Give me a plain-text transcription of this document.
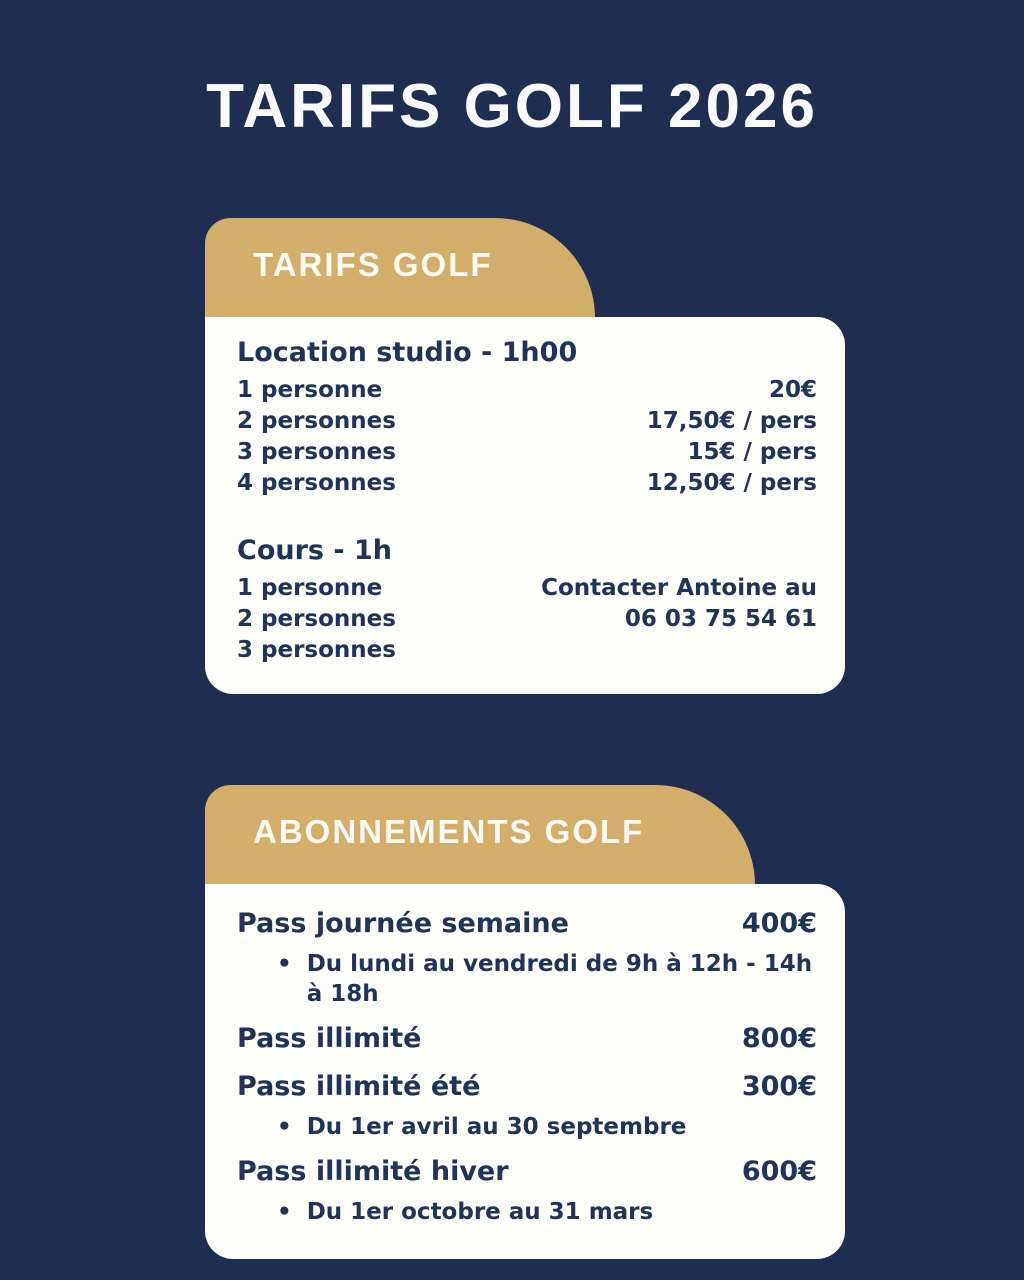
TARIFS GOLF 2026
TARIFS GOLF
Location studio - 1h00
1 personne	20€
2 personnes	17,50€ / pers
3 personnes	15€ / pers
4 personnes	12,50€ / pers
Cours - 1h
1 personne	Contacter Antoine au
2 personnes	06 03 75 54 61
3 personnes
ABONNEMENTS GOLF
Pass journée semaine	400€
• Du lundi au vendredi de 9h à 12h - 14h à 18h
Pass illimité	800€
Pass illimité été	300€
• Du 1er avril au 30 septembre
Pass illimité hiver	600€
• Du 1er octobre au 31 mars
